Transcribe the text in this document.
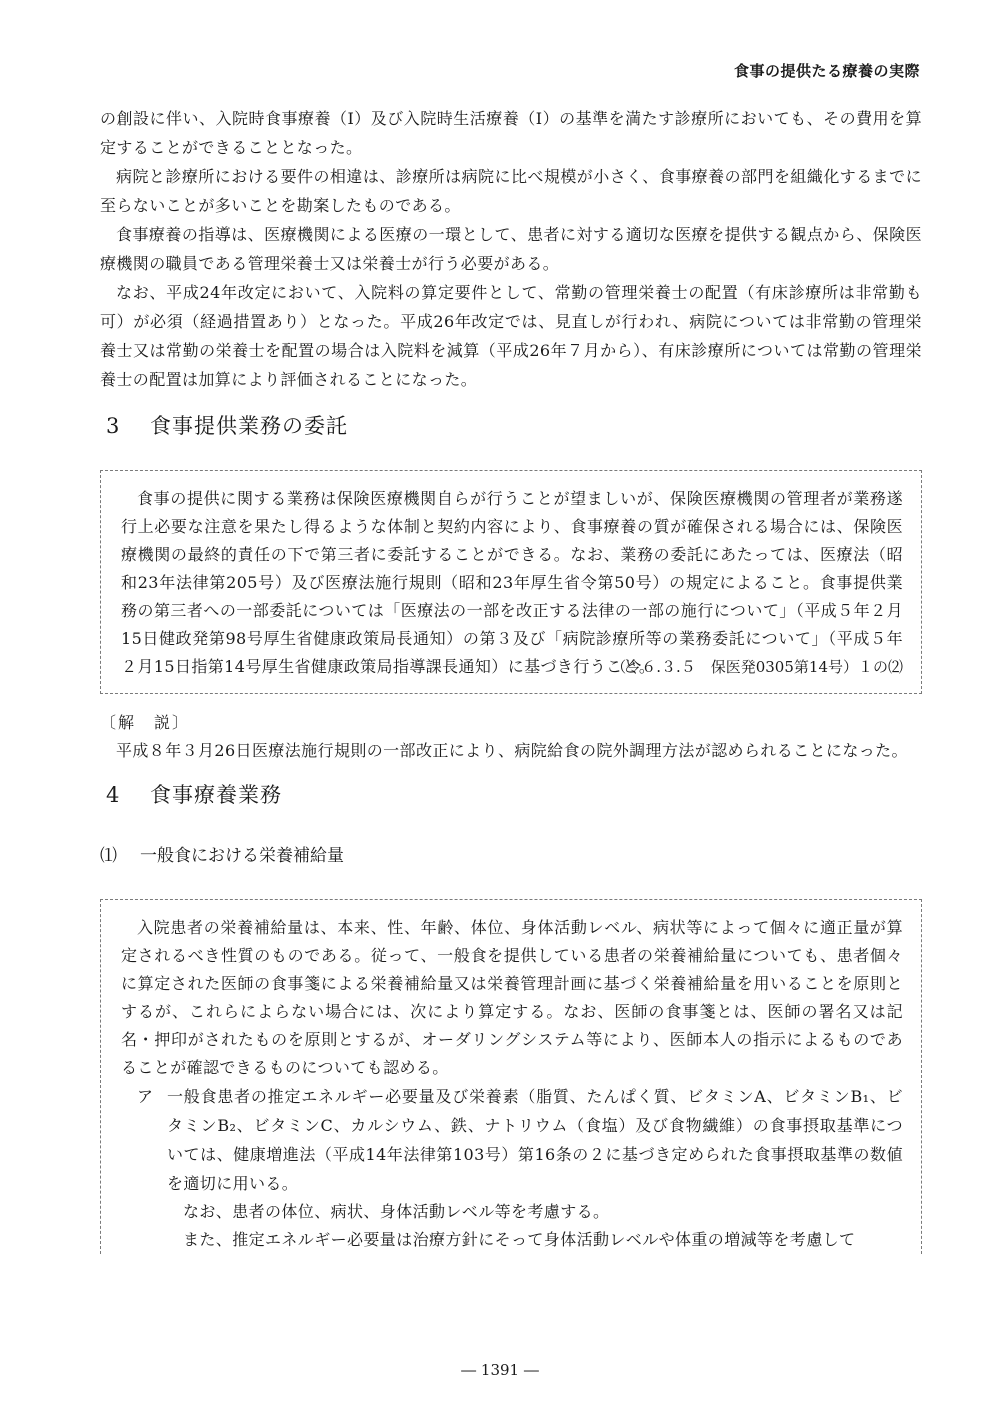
食事の提供たる療養の実際

の創設に伴い、入院時食事療養（Ⅰ）及び入院時生活療養（Ⅰ）の基準を満たす診療所においても、その費用を算定することができることとなった。

病院と診療所における要件の相違は、診療所は病院に比べ規模が小さく、食事療養の部門を組織化するまでに至らないことが多いことを勘案したものである。

食事療養の指導は、医療機関による医療の一環として、患者に対する適切な医療を提供する観点から、保険医療機関の職員である管理栄養士又は栄養士が行う必要がある。

なお、平成24年改定において、入院料の算定要件として、常勤の管理栄養士の配置（有床診療所は非常勤も可）が必須（経過措置あり）となった。平成26年改定では、見直しが行われ、病院については非常勤の管理栄養士又は常勤の栄養士を配置の場合は入院料を減算（平成26年７月から）、有床診療所については常勤の管理栄養士の配置は加算により評価されることになった。

3 食事提供業務の委託

食事の提供に関する業務は保険医療機関自らが行うことが望ましいが、保険医療機関の管理者が業務遂行上必要な注意を果たし得るような体制と契約内容により、食事療養の質が確保される場合には、保険医療機関の最終的責任の下で第三者に委託することができる。なお、業務の委託にあたっては、医療法（昭和23年法律第205号）及び医療法施行規則（昭和23年厚生省令第50号）の規定によること。食事提供業務の第三者への一部委託については「医療法の一部を改正する法律の一部の施行について」（平成５年２月15日健政発第98号厚生省健康政策局長通知）の第３及び「病院診療所等の業務委託について」（平成５年２月15日指第14号厚生省健康政策局指導課長通知）に基づき行うこと。

（令６.３.５　保医発0305第14号）１の⑵
〔解　説〕

平成８年３月26日医療法施行規則の一部改正により、病院給食の院外調理方法が認められることになった。

4 食事療養業務
⑴ 一般食における栄養補給量

入院患者の栄養補給量は、本来、性、年齢、体位、身体活動レベル、病状等によって個々に適正量が算定されるべき性質のものである。従って、一般食を提供している患者の栄養補給量についても、患者個々に算定された医師の食事箋による栄養補給量又は栄養管理計画に基づく栄養補給量を用いることを原則とするが、これらによらない場合には、次により算定する。なお、医師の食事箋とは、医師の署名又は記名・押印がされたものを原則とするが、オーダリングシステム等により、医師本人の指示によるものであることが確認できるものについても認める。

ア 一般食患者の推定エネルギー必要量及び栄養素（脂質、たんぱく質、ビタミンA、ビタミンB₁、ビタミンB₂、ビタミンC、カルシウム、鉄、ナトリウム（食塩）及び食物繊維）の食事摂取基準については、健康増進法（平成14年法律第103号）第16条の２に基づき定められた食事摂取基準の数値を適切に用いる。

なお、患者の体位、病状、身体活動レベル等を考慮する。

また、推定エネルギー必要量は治療方針にそって身体活動レベルや体重の増減等を考慮して

― 1391 ―
